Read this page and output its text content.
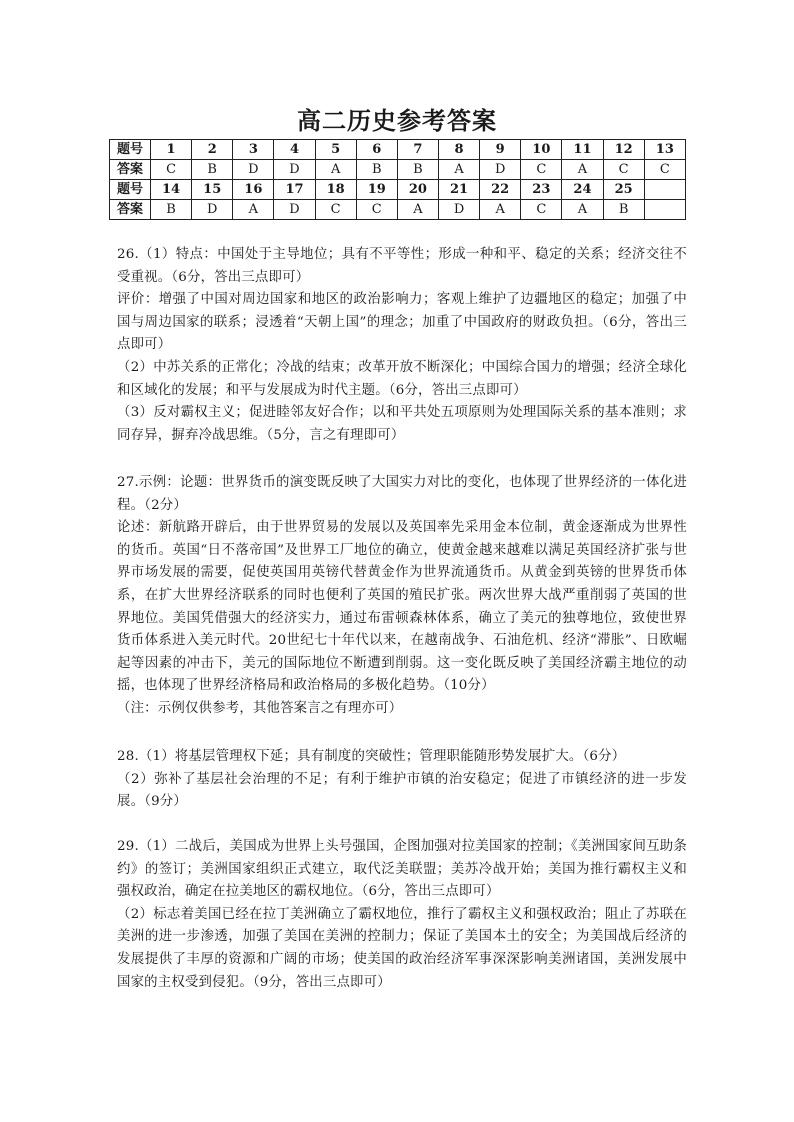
高二历史参考答案
题号	1	2	3	4	5	6	7	8	9	10	11	12	13
答案	C	B	D	D	A	B	B	A	D	C	A	C	C
题号	14	15	16	17	18	19	20	21	22	23	24	25	
答案	B	D	A	D	C	C	A	D	A	C	A	B	

26.（1）特点：中国处于主导地位；具有不平等性；形成一种和平、稳定的关系；经济交往不受重视。（6分，答出三点即可）

评价：增强了中国对周边国家和地区的政治影响力；客观上维护了边疆地区的稳定；加强了中国与周边国家的联系；浸透着“天朝上国”的理念；加重了中国政府的财政负担。（6分，答出三点即可）

（2）中苏关系的正常化；冷战的结束；改革开放不断深化；中国综合国力的增强；经济全球化和区域化的发展；和平与发展成为时代主题。（6分，答出三点即可）

（3）反对霸权主义；促进睦邻友好合作；以和平共处五项原则为处理国际关系的基本准则；求同存异，摒弃冷战思维。（5分，言之有理即可）

27.示例：论题：世界货币的演变既反映了大国实力对比的变化，也体现了世界经济的一体化进程。（2分）

论述：新航路开辟后，由于世界贸易的发展以及英国率先采用金本位制，黄金逐渐成为世界性的货币。英国“日不落帝国”及世界工厂地位的确立，使黄金越来越难以满足英国经济扩张与世界市场发展的需要，促使英国用英镑代替黄金作为世界流通货币。从黄金到英镑的世界货币体系，在扩大世界经济联系的同时也便利了英国的殖民扩张。两次世界大战严重削弱了英国的世界地位。美国凭借强大的经济实力，通过布雷顿森林体系，确立了美元的独尊地位，致使世界货币体系进入美元时代。20世纪七十年代以来，在越南战争、石油危机、经济“滞胀”、日欧崛起等因素的冲击下，美元的国际地位不断遭到削弱。这一变化既反映了美国经济霸主地位的动摇，也体现了世界经济格局和政治格局的多极化趋势。（10分）

（注：示例仅供参考，其他答案言之有理亦可）

28.（1）将基层管理权下延；具有制度的突破性；管理职能随形势发展扩大。（6分）

（2）弥补了基层社会治理的不足；有利于维护市镇的治安稳定；促进了市镇经济的进一步发展。（9分）

29.（1）二战后，美国成为世界上头号强国，企图加强对拉美国家的控制；《美洲国家间互助条约》的签订；美洲国家组织正式建立，取代泛美联盟；美苏冷战开始；美国为推行霸权主义和强权政治，确定在拉美地区的霸权地位。（6分，答出三点即可）

（2）标志着美国已经在拉丁美洲确立了霸权地位，推行了霸权主义和强权政治；阻止了苏联在美洲的进一步渗透，加强了美国在美洲的控制力；保证了美国本土的安全；为美国战后经济的发展提供了丰厚的资源和广阔的市场；使美国的政治经济军事深深影响美洲诸国，美洲发展中国家的主权受到侵犯。（9分，答出三点即可）
